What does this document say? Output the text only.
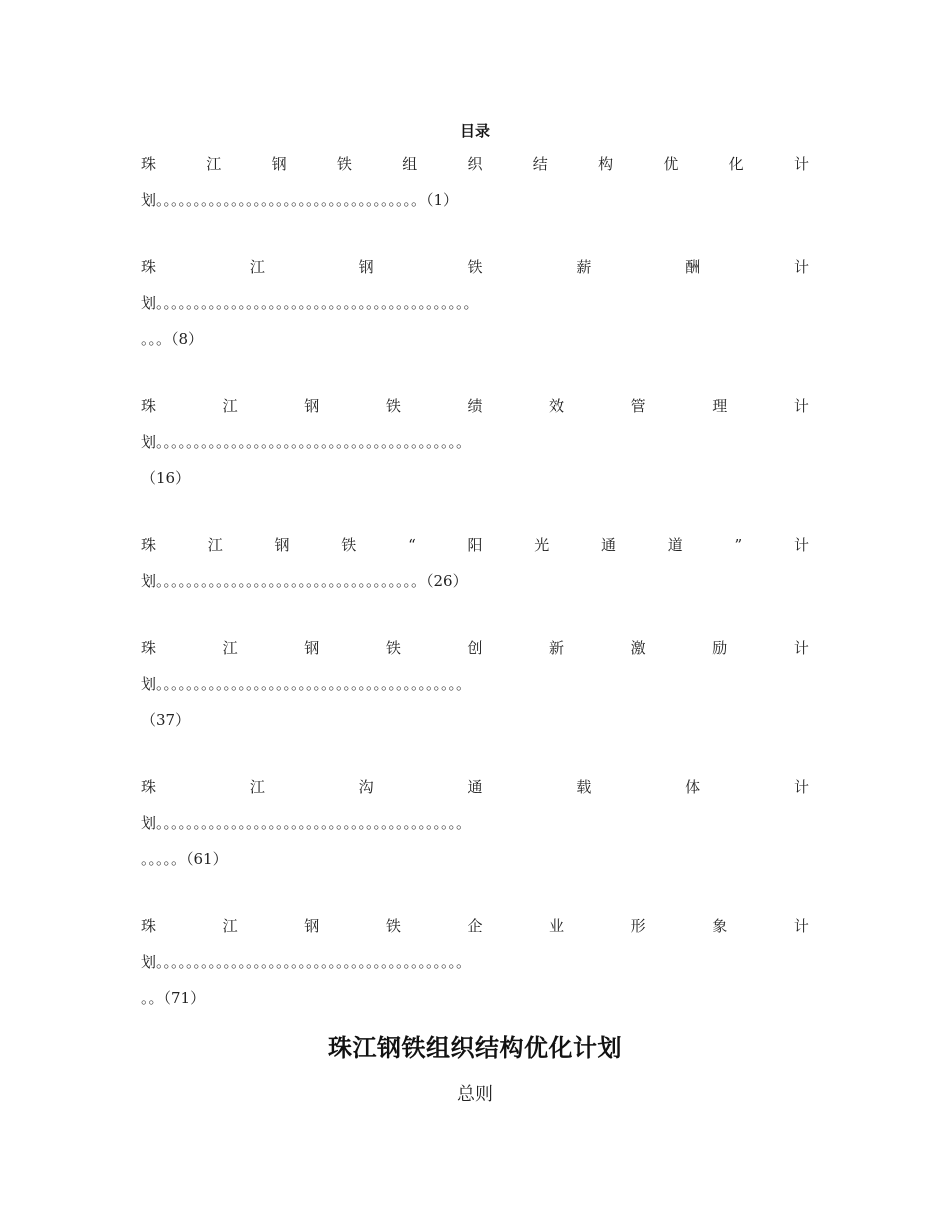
目录
珠	江	钢	铁	组	织	结	构	优	化	计
划。。。。。。。。。。。。。。。。。。。。。。。。。。。。。。。。。。。（1）
珠	江	钢	铁	薪	酬	计
划。。。。。。。。。。。。。。。。。。。。。。。。。。。。。。。。。。。。。。。。。。
。。。（8）
珠	江	钢	铁	绩	效	管	理	计
划。。。。。。。。。。。。。。。。。。。。。。。。。。。。。。。。。。。。。。。。。
（16）
珠	江	钢	铁	“	阳	光	通	道	”	计
划。。。。。。。。。。。。。。。。。。。。。。。。。。。。。。。。。。。（26）
珠	江	钢	铁	创	新	激	励	计
划。。。。。。。。。。。。。。。。。。。。。。。。。。。。。。。。。。。。。。。。。
（37）
珠	江	沟	通	载	体	计
划。。。。。。。。。。。。。。。。。。。。。。。。。。。。。。。。。。。。。。。。。
。。。。。（61）
珠	江	钢	铁	企	业	形	象	计
划。。。。。。。。。。。。。。。。。。。。。。。。。。。。。。。。。。。。。。。。。
。。（71）
珠江钢铁组织结构优化计划
总则
